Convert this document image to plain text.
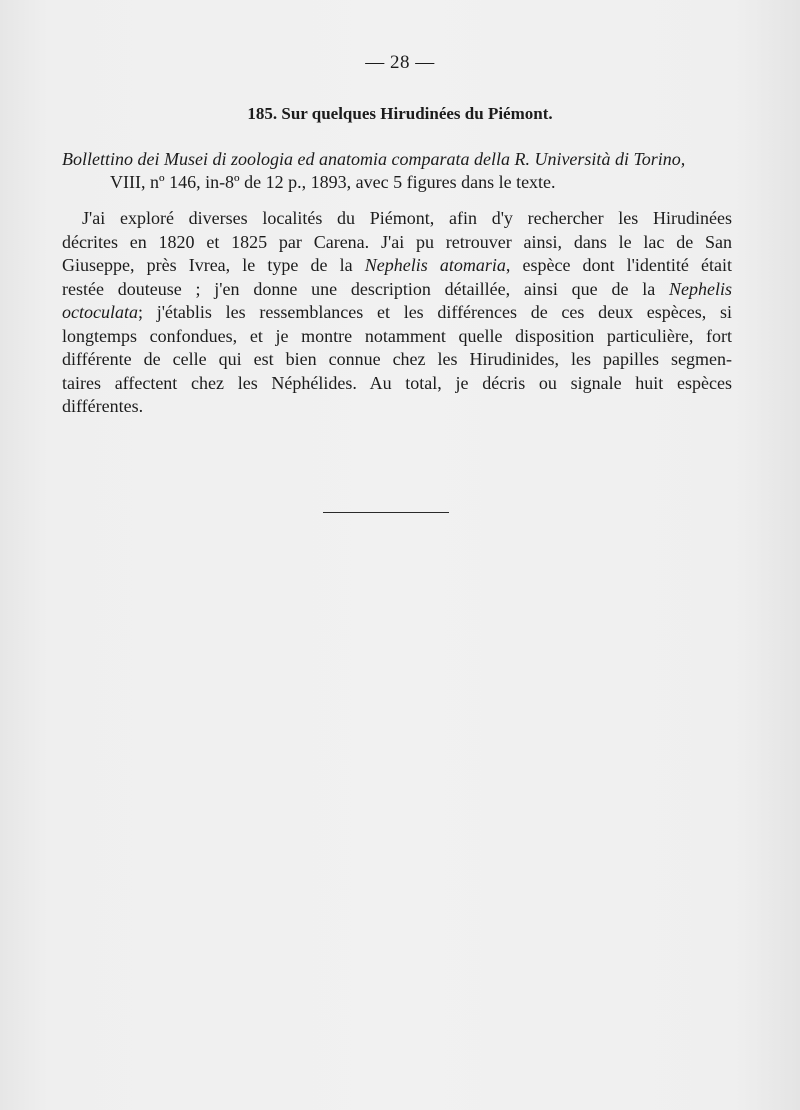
— 28 —
185. Sur quelques Hirudinées du Piémont.
Bollettino dei Musei di zoologia ed anatomia comparata della R. Università di Torino,
VIII, nº 146, in-8º de 12 p., 1893, avec 5 figures dans le texte.
J'ai exploré diverses localités du Piémont, afin d'y rechercher les Hirudinées
décrites en 1820 et 1825 par Carena. J'ai pu retrouver ainsi, dans le lac de San
Giuseppe, près Ivrea, le type de la Nephelis atomaria, espèce dont l'identité était
restée douteuse ; j'en donne une description détaillée, ainsi que de la Nephelis
octoculata; j'établis les ressemblances et les différences de ces deux espèces, si
longtemps confondues, et je montre notamment quelle disposition particulière, fort
différente de celle qui est bien connue chez les Hirudinides, les papilles segmen-
taires affectent chez les Néphélides. Au total, je décris ou signale huit espèces
différentes.
